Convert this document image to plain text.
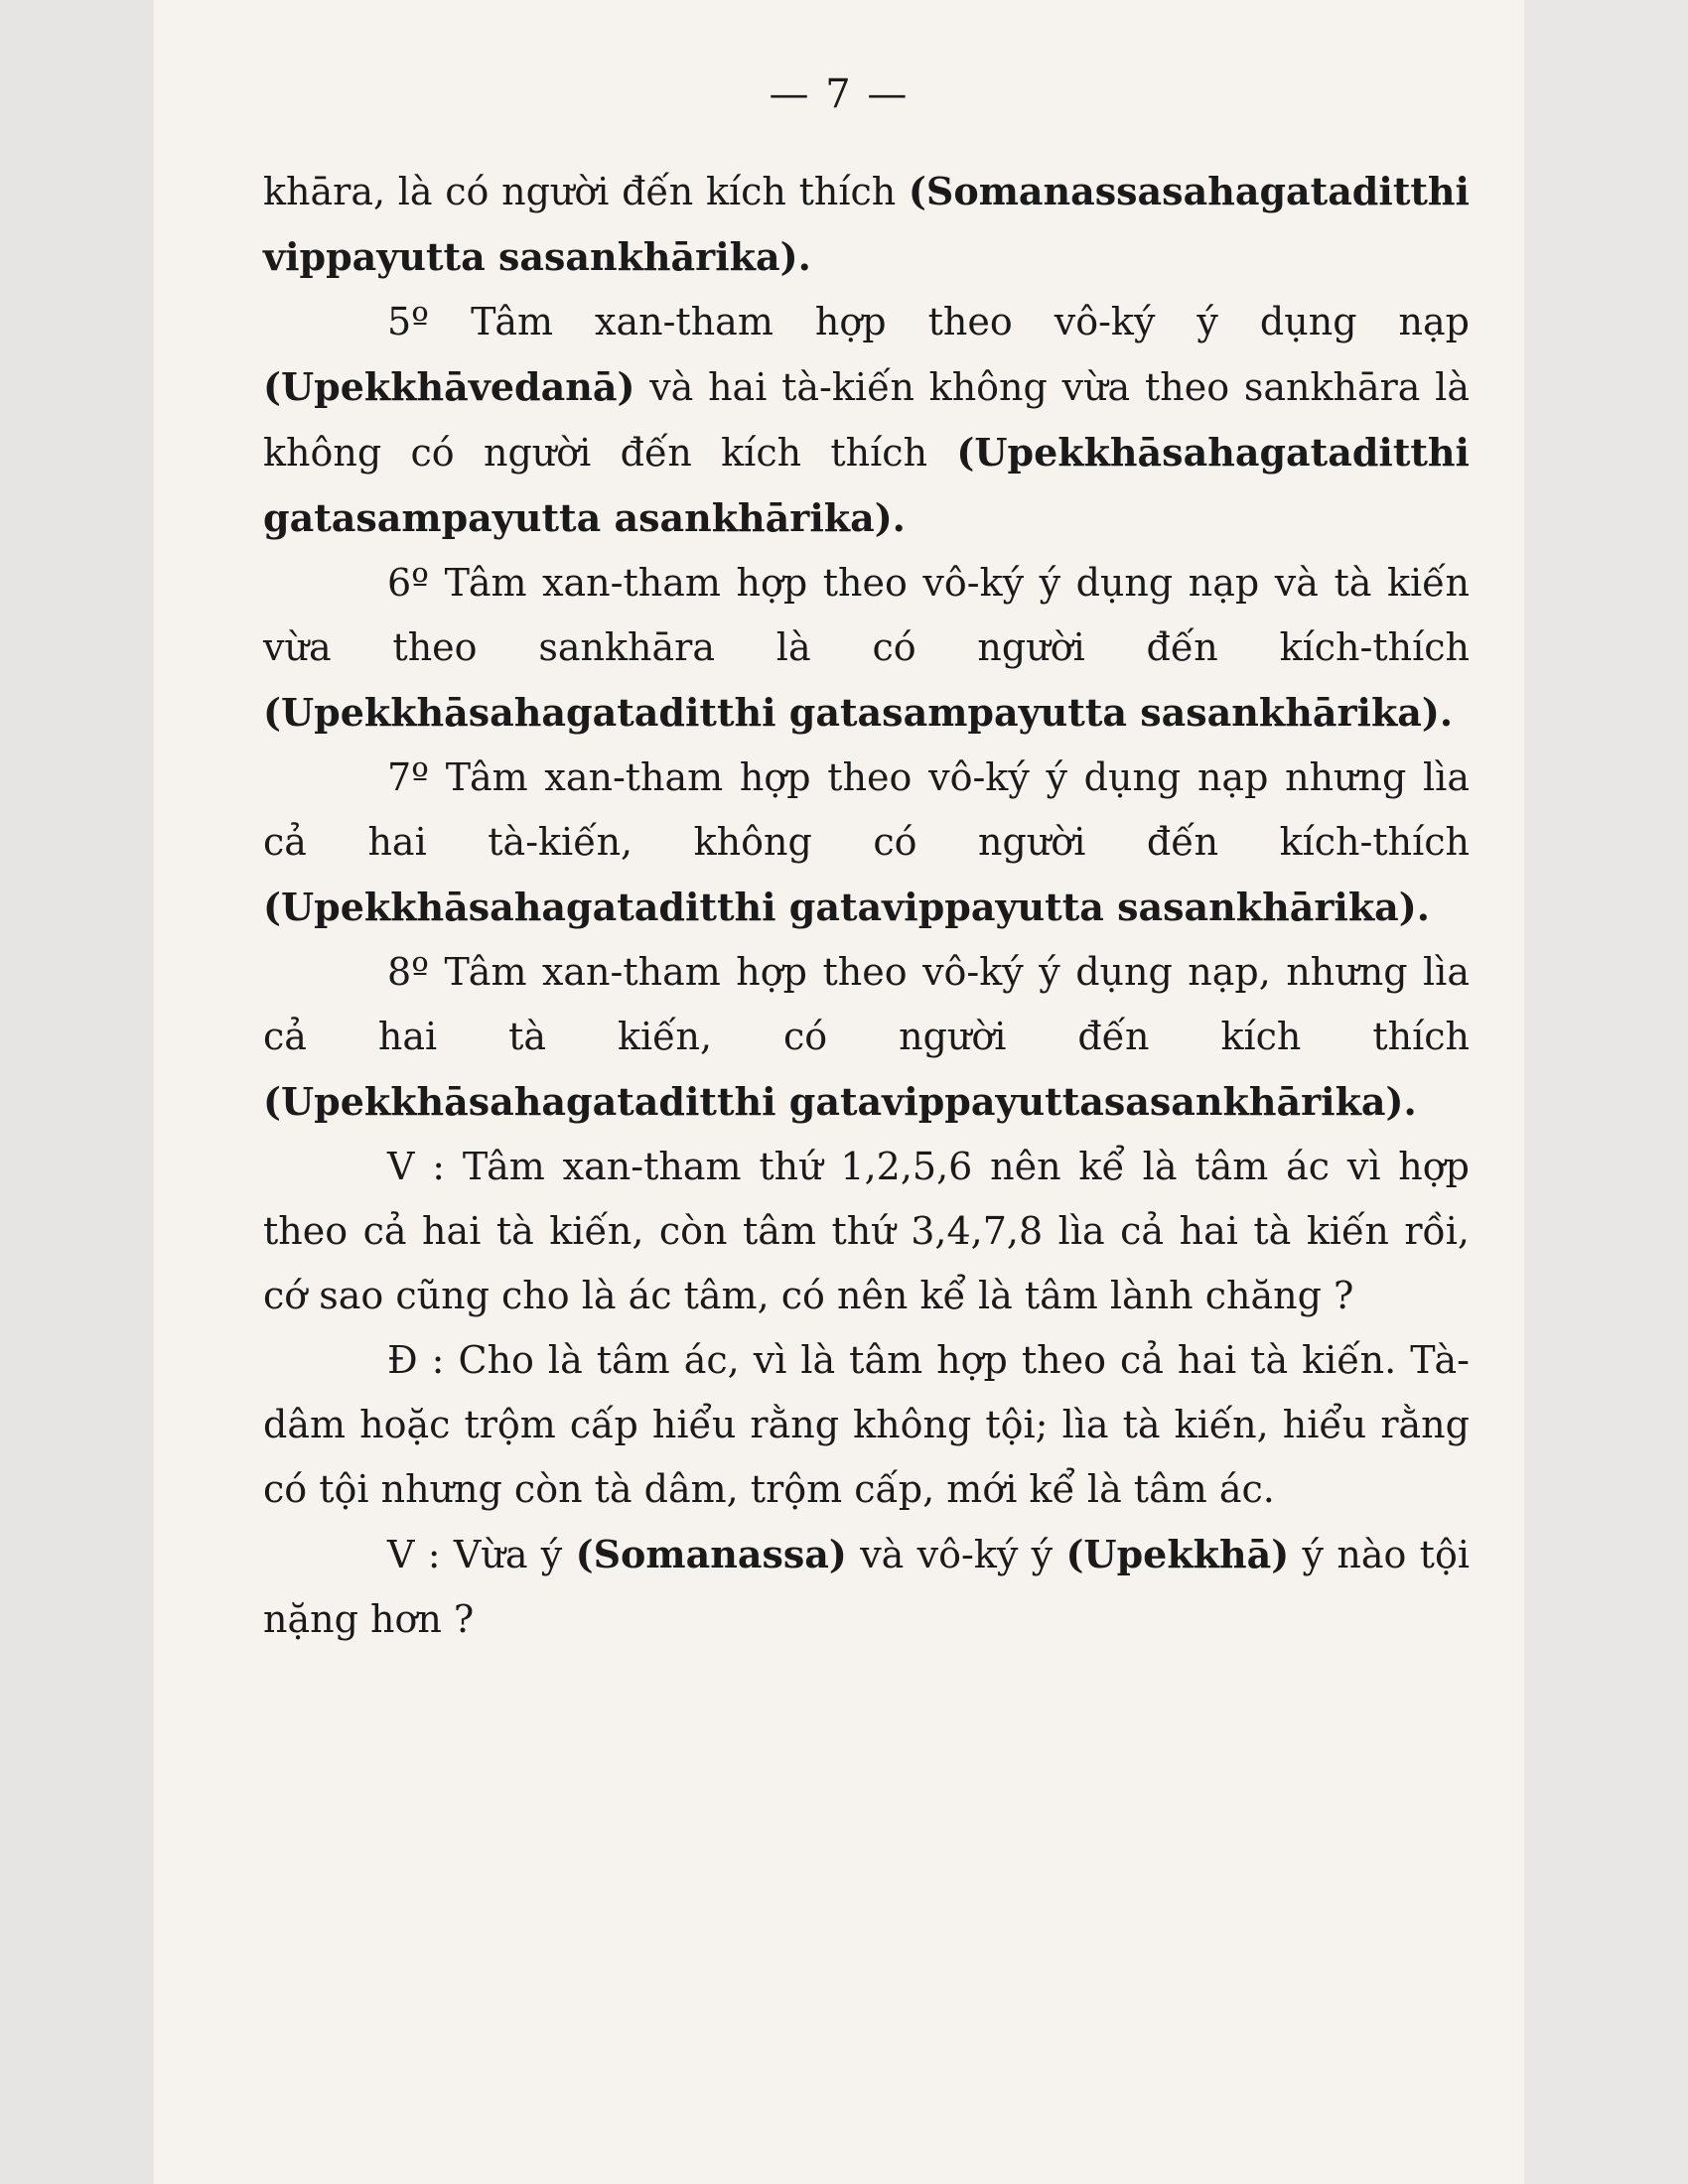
— 7 —

khāra, là có người đến kích thích (Somanassasahagataditthi vippayutta sasankhārika).

5º Tâm xan-tham hợp theo vô-ký ý dụng nạp (Upekkhāvedanā) và hai tà-kiến không vừa theo sankhāra là không có người đến kích thích (Upekkhāsahagataditthi gatasampayutta asankhārika).

6º Tâm xan-tham hợp theo vô-ký ý dụng nạp và tà kiến vừa theo sankhāra là có người đến kích-thích (Upekkhāsahagataditthi gatasampayutta sasankhārika).

7º Tâm xan-tham hợp theo vô-ký ý dụng nạp nhưng lìa cả hai tà-kiến, không có người đến kích-thích (Upekkhāsahagataditthi gatavippayutta sasankhārika).

8º Tâm xan-tham hợp theo vô-ký ý dụng nạp, nhưng lìa cả hai tà kiến, có người đến kích thích (Upekkhāsahagataditthi gatavippayuttasasankhārika).

V : Tâm xan-tham thứ 1,2,5,6 nên kể là tâm ác vì hợp theo cả hai tà kiến, còn tâm thứ 3,4,7,8 lìa cả hai tà kiến rồi, cớ sao cũng cho là ác tâm, có nên kể là tâm lành chăng ?

Đ : Cho là tâm ác, vì là tâm hợp theo cả hai tà kiến. Tà-dâm hoặc trộm cấp hiểu rằng không tội; lìa tà kiến, hiểu rằng có tội nhưng còn tà dâm, trộm cấp, mới kể là tâm ác.

V : Vừa ý (Somanassa) và vô-ký ý (Upekkhā) ý nào tội nặng hơn ?
